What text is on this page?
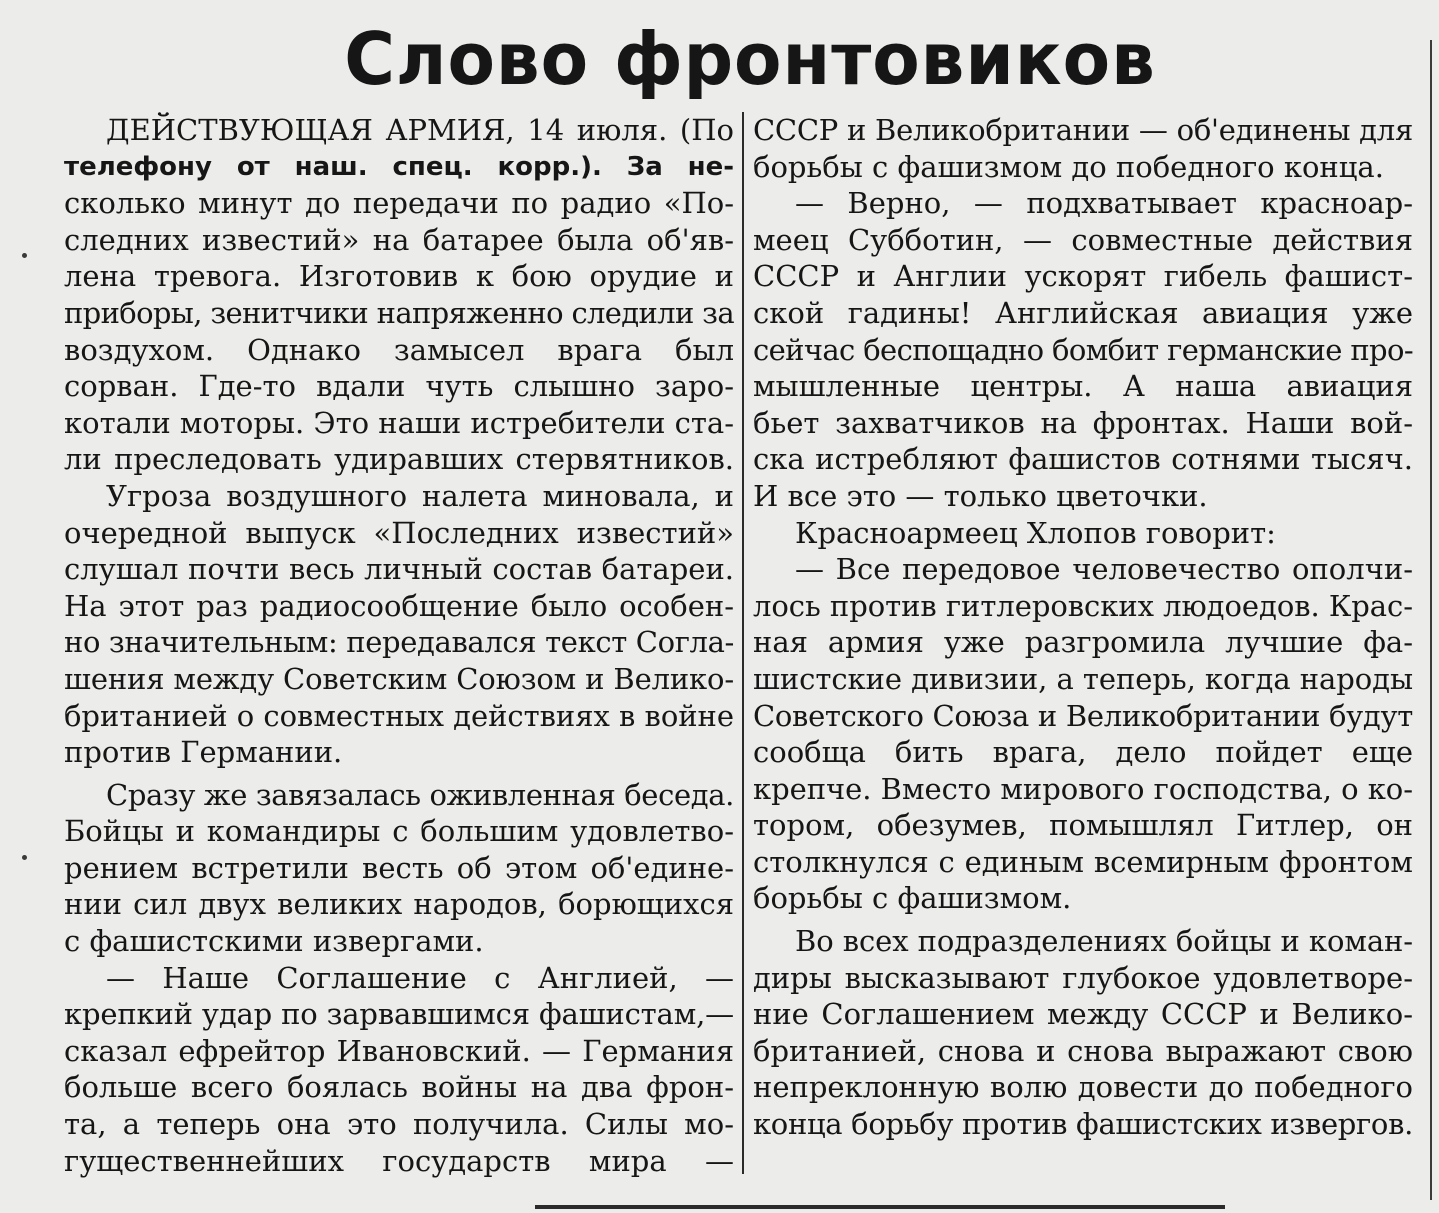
Слово фронтовиков
ДЕЙСТВУЮЩАЯ АРМИЯ, 14 июля. (По
телефону от наш. спец. корр.). За не-
сколько минут до передачи по радио «По-
следних известий» на батарее была об'яв-
лена тревога. Изготовив к бою орудие и
приборы, зенитчики напряженно следили за
воздухом. Однако замысел врага был
сорван. Где-то вдали чуть слышно заро-
котали моторы. Это наши истребители ста-
ли преследовать удиравших стервятников.
Угроза воздушного налета миновала, и
очередной выпуск «Последних известий»
слушал почти весь личный состав батареи.
На этот раз радиосообщение было особен-
но значительным: передавался текст Согла-
шения между Советским Союзом и Велико-
британией о совместных действиях в войне
против Германии.
Сразу же завязалась оживленная беседа.
Бойцы и командиры с большим удовлетво-
рением встретили весть об этом об'едине-
нии сил двух великих народов, борющихся
с фашистскими извергами.
— Наше Соглашение с Англией, —
крепкий удар по зарвавшимся фашистам,—
сказал ефрейтор Ивановский. — Германия
больше всего боялась войны на два фрон-
та, а теперь она это получила. Силы мо-
гущественнейших государств мира —
СССР и Великобритании — об'единены для
борьбы с фашизмом до победного конца.
— Верно, — подхватывает красноар-
меец Субботин, — совместные действия
СССР и Англии ускорят гибель фашист-
ской гадины! Английская авиация уже
сейчас беспощадно бомбит германские про-
мышленные центры. А наша авиация
бьет захватчиков на фронтах. Наши вой-
ска истребляют фашистов сотнями тысяч.
И все это — только цветочки.
Красноармеец Хлопов говорит:
— Все передовое человечество ополчи-
лось против гитлеровских людоедов. Крас-
ная армия уже разгромила лучшие фа-
шистские дивизии, а теперь, когда народы
Советского Союза и Великобритании будут
сообща бить врага, дело пойдет еще
крепче. Вместо мирового господства, о ко-
тором, обезумев, помышлял Гитлер, он
столкнулся с единым всемирным фронтом
борьбы с фашизмом.
Во всех подразделениях бойцы и коман-
диры высказывают глубокое удовлетворе-
ние Соглашением между СССР и Велико-
британией, снова и снова выражают свою
непреклонную волю довести до победного
конца борьбу против фашистских извергов.
